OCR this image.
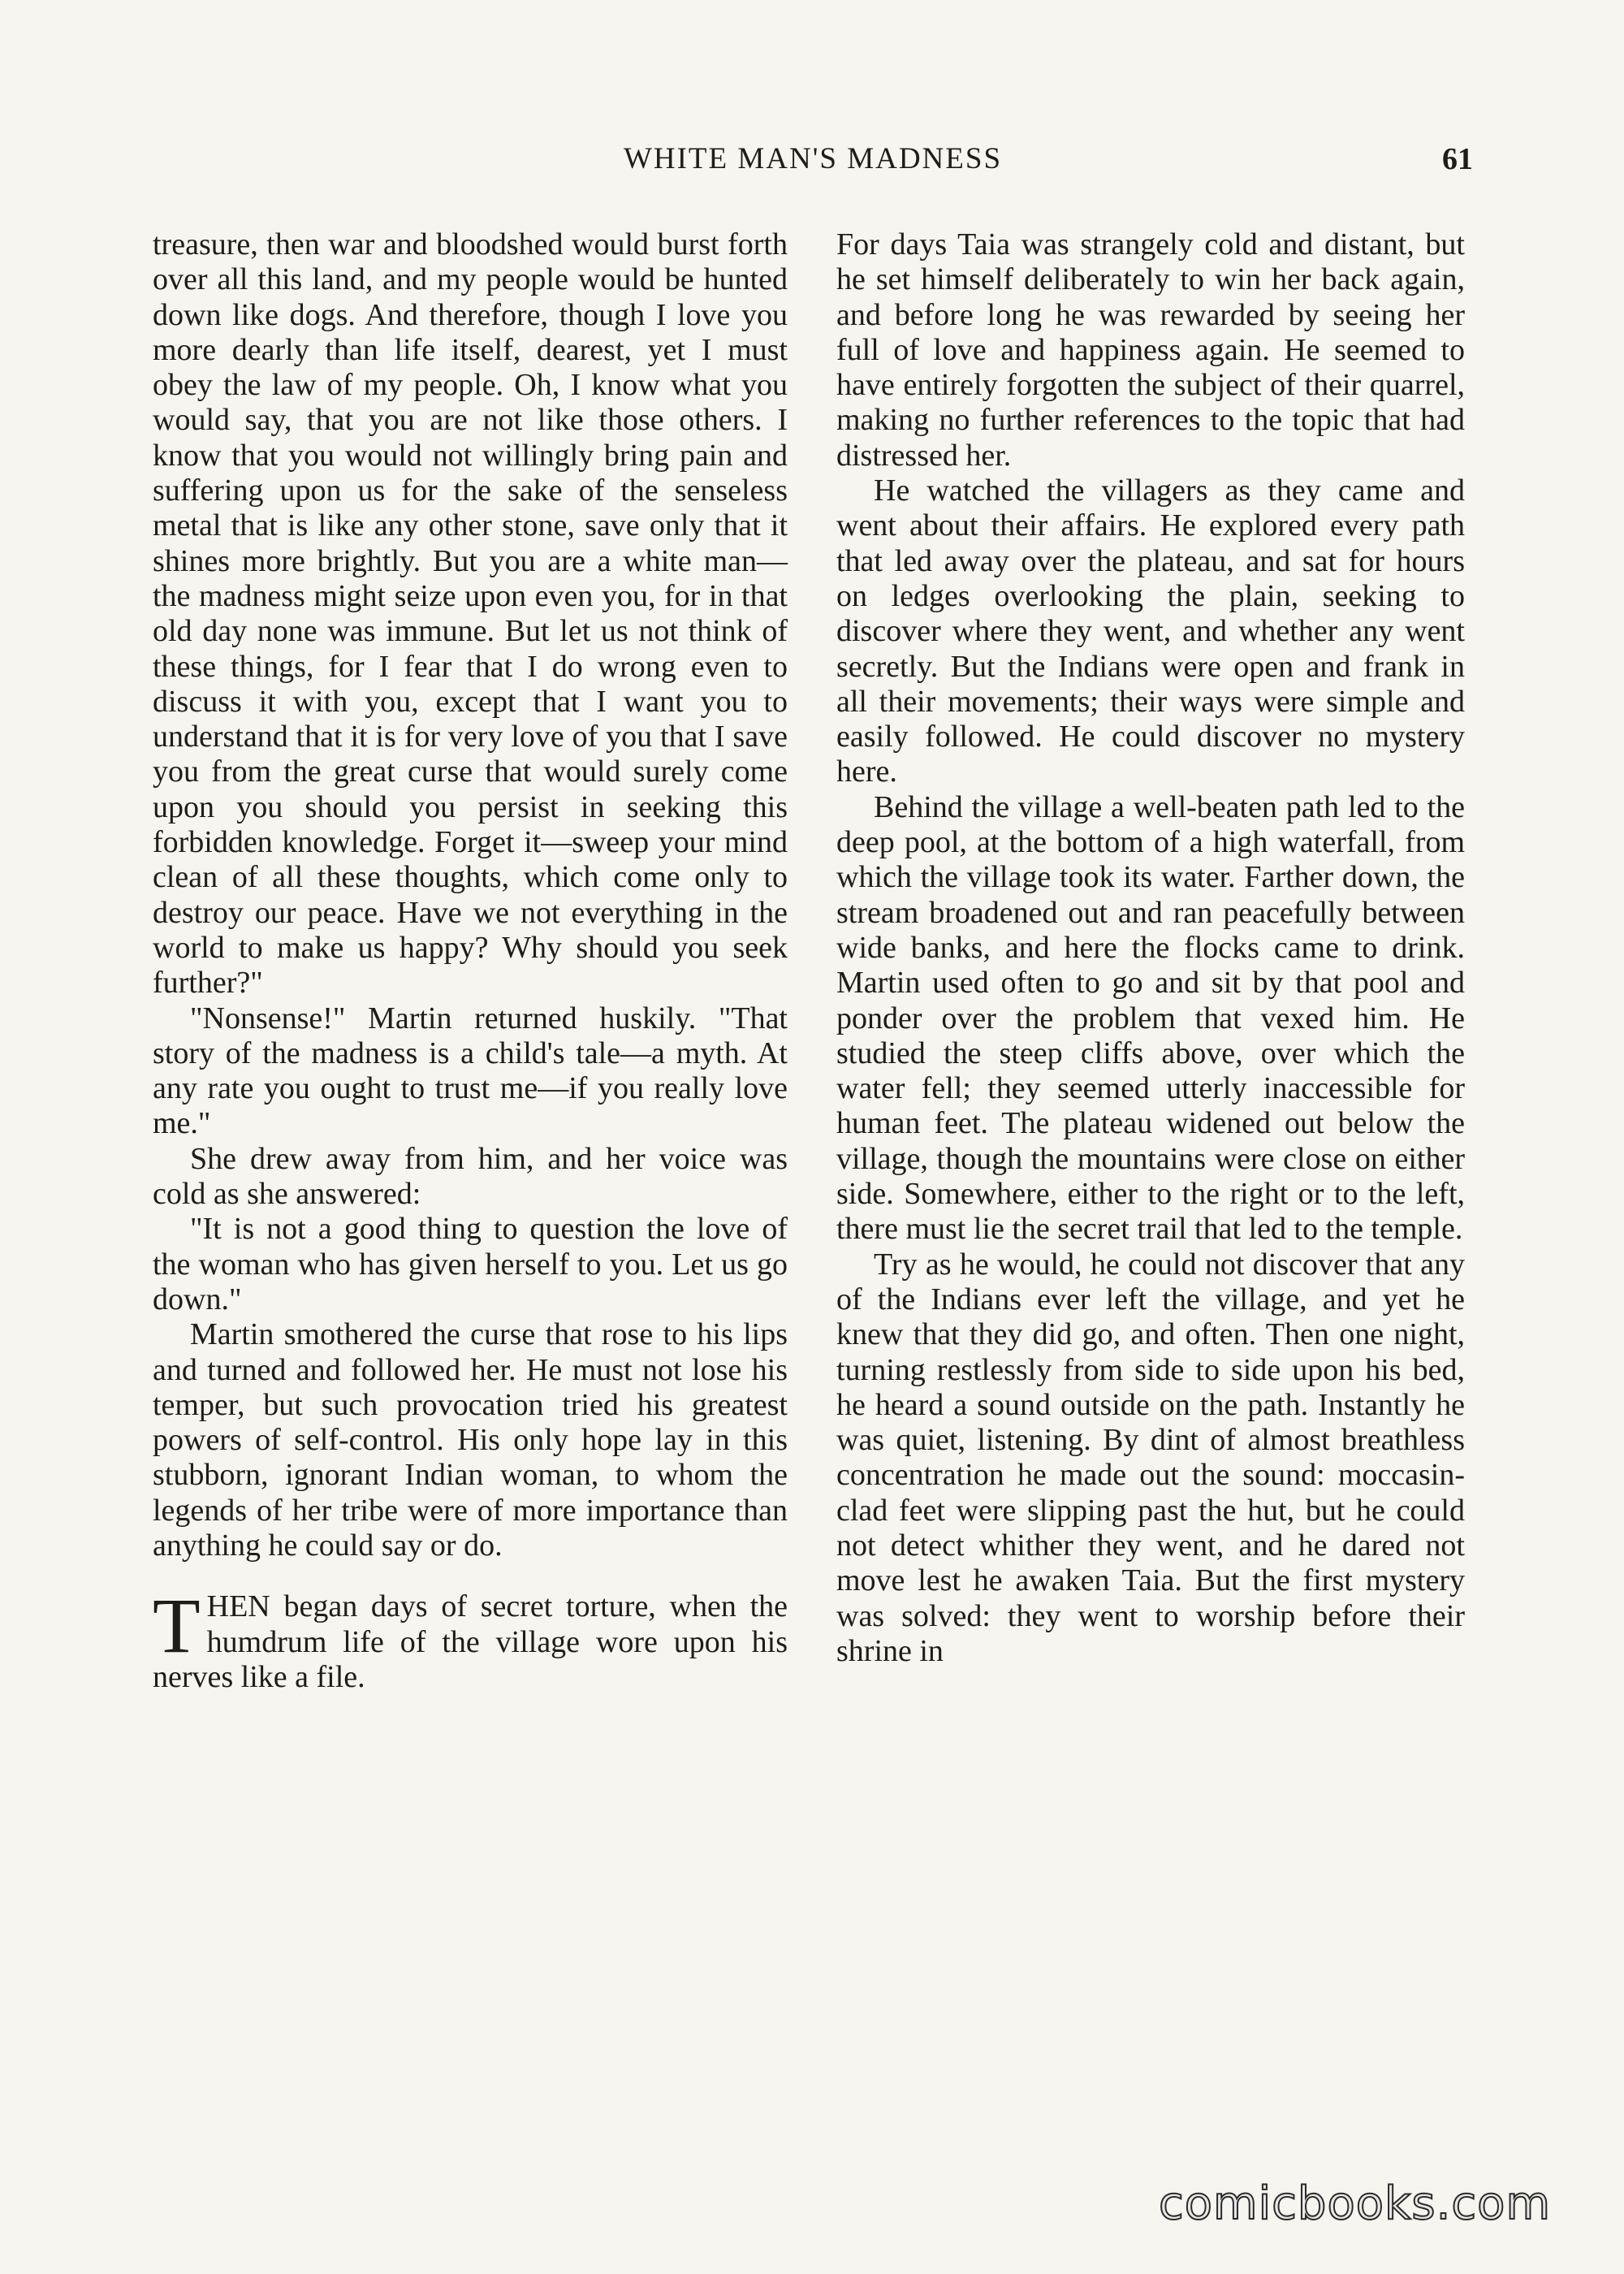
WHITE MAN'S MADNESS	61

treasure, then war and bloodshed would burst forth over all this land, and my people would be hunted down like dogs. And therefore, though I love you more dearly than life itself, dearest, yet I must obey the law of my people. Oh, I know what you would say, that you are not like those others. I know that you would not willingly bring pain and suffering upon us for the sake of the senseless metal that is like any other stone, save only that it shines more brightly. But you are a white man—the madness might seize upon even you, for in that old day none was immune. But let us not think of these things, for I fear that I do wrong even to discuss it with you, except that I want you to understand that it is for very love of you that I save you from the great curse that would surely come upon you should you persist in seeking this forbidden knowledge. Forget it—sweep your mind clean of all these thoughts, which come only to destroy our peace. Have we not everything in the world to make us happy? Why should you seek further?"

"Nonsense!" Martin returned huskily. "That story of the madness is a child's tale—a myth. At any rate you ought to trust me—if you really love me."

She drew away from him, and her voice was cold as she answered:

"It is not a good thing to question the love of the woman who has given herself to you. Let us go down."

Martin smothered the curse that rose to his lips and turned and followed her. He must not lose his temper, but such provocation tried his greatest powers of self-control. His only hope lay in this stubborn, ignorant Indian woman, to whom the legends of her tribe were of more importance than anything he could say or do.

THEN began days of secret torture, when the humdrum life of the village wore upon his nerves like a file.

For days Taia was strangely cold and distant, but he set himself deliberately to win her back again, and before long he was rewarded by seeing her full of love and happiness again. He seemed to have entirely forgotten the subject of their quarrel, making no further references to the topic that had distressed her.

He watched the villagers as they came and went about their affairs. He explored every path that led away over the plateau, and sat for hours on ledges overlooking the plain, seeking to discover where they went, and whether any went secretly. But the Indians were open and frank in all their movements; their ways were simple and easily followed. He could discover no mystery here.

Behind the village a well-beaten path led to the deep pool, at the bottom of a high waterfall, from which the village took its water. Farther down, the stream broadened out and ran peacefully between wide banks, and here the flocks came to drink. Martin used often to go and sit by that pool and ponder over the problem that vexed him. He studied the steep cliffs above, over which the water fell; they seemed utterly inaccessible for human feet. The plateau widened out below the village, though the mountains were close on either side. Somewhere, either to the right or to the left, there must lie the secret trail that led to the temple.

Try as he would, he could not discover that any of the Indians ever left the village, and yet he knew that they did go, and often. Then one night, turning restlessly from side to side upon his bed, he heard a sound outside on the path. Instantly he was quiet, listening. By dint of almost breathless concentration he made out the sound: moccasin-clad feet were slipping past the hut, but he could not detect whither they went, and he dared not move lest he awaken Taia. But the first mystery was solved: they went to worship before their shrine in

comicbooks.com
